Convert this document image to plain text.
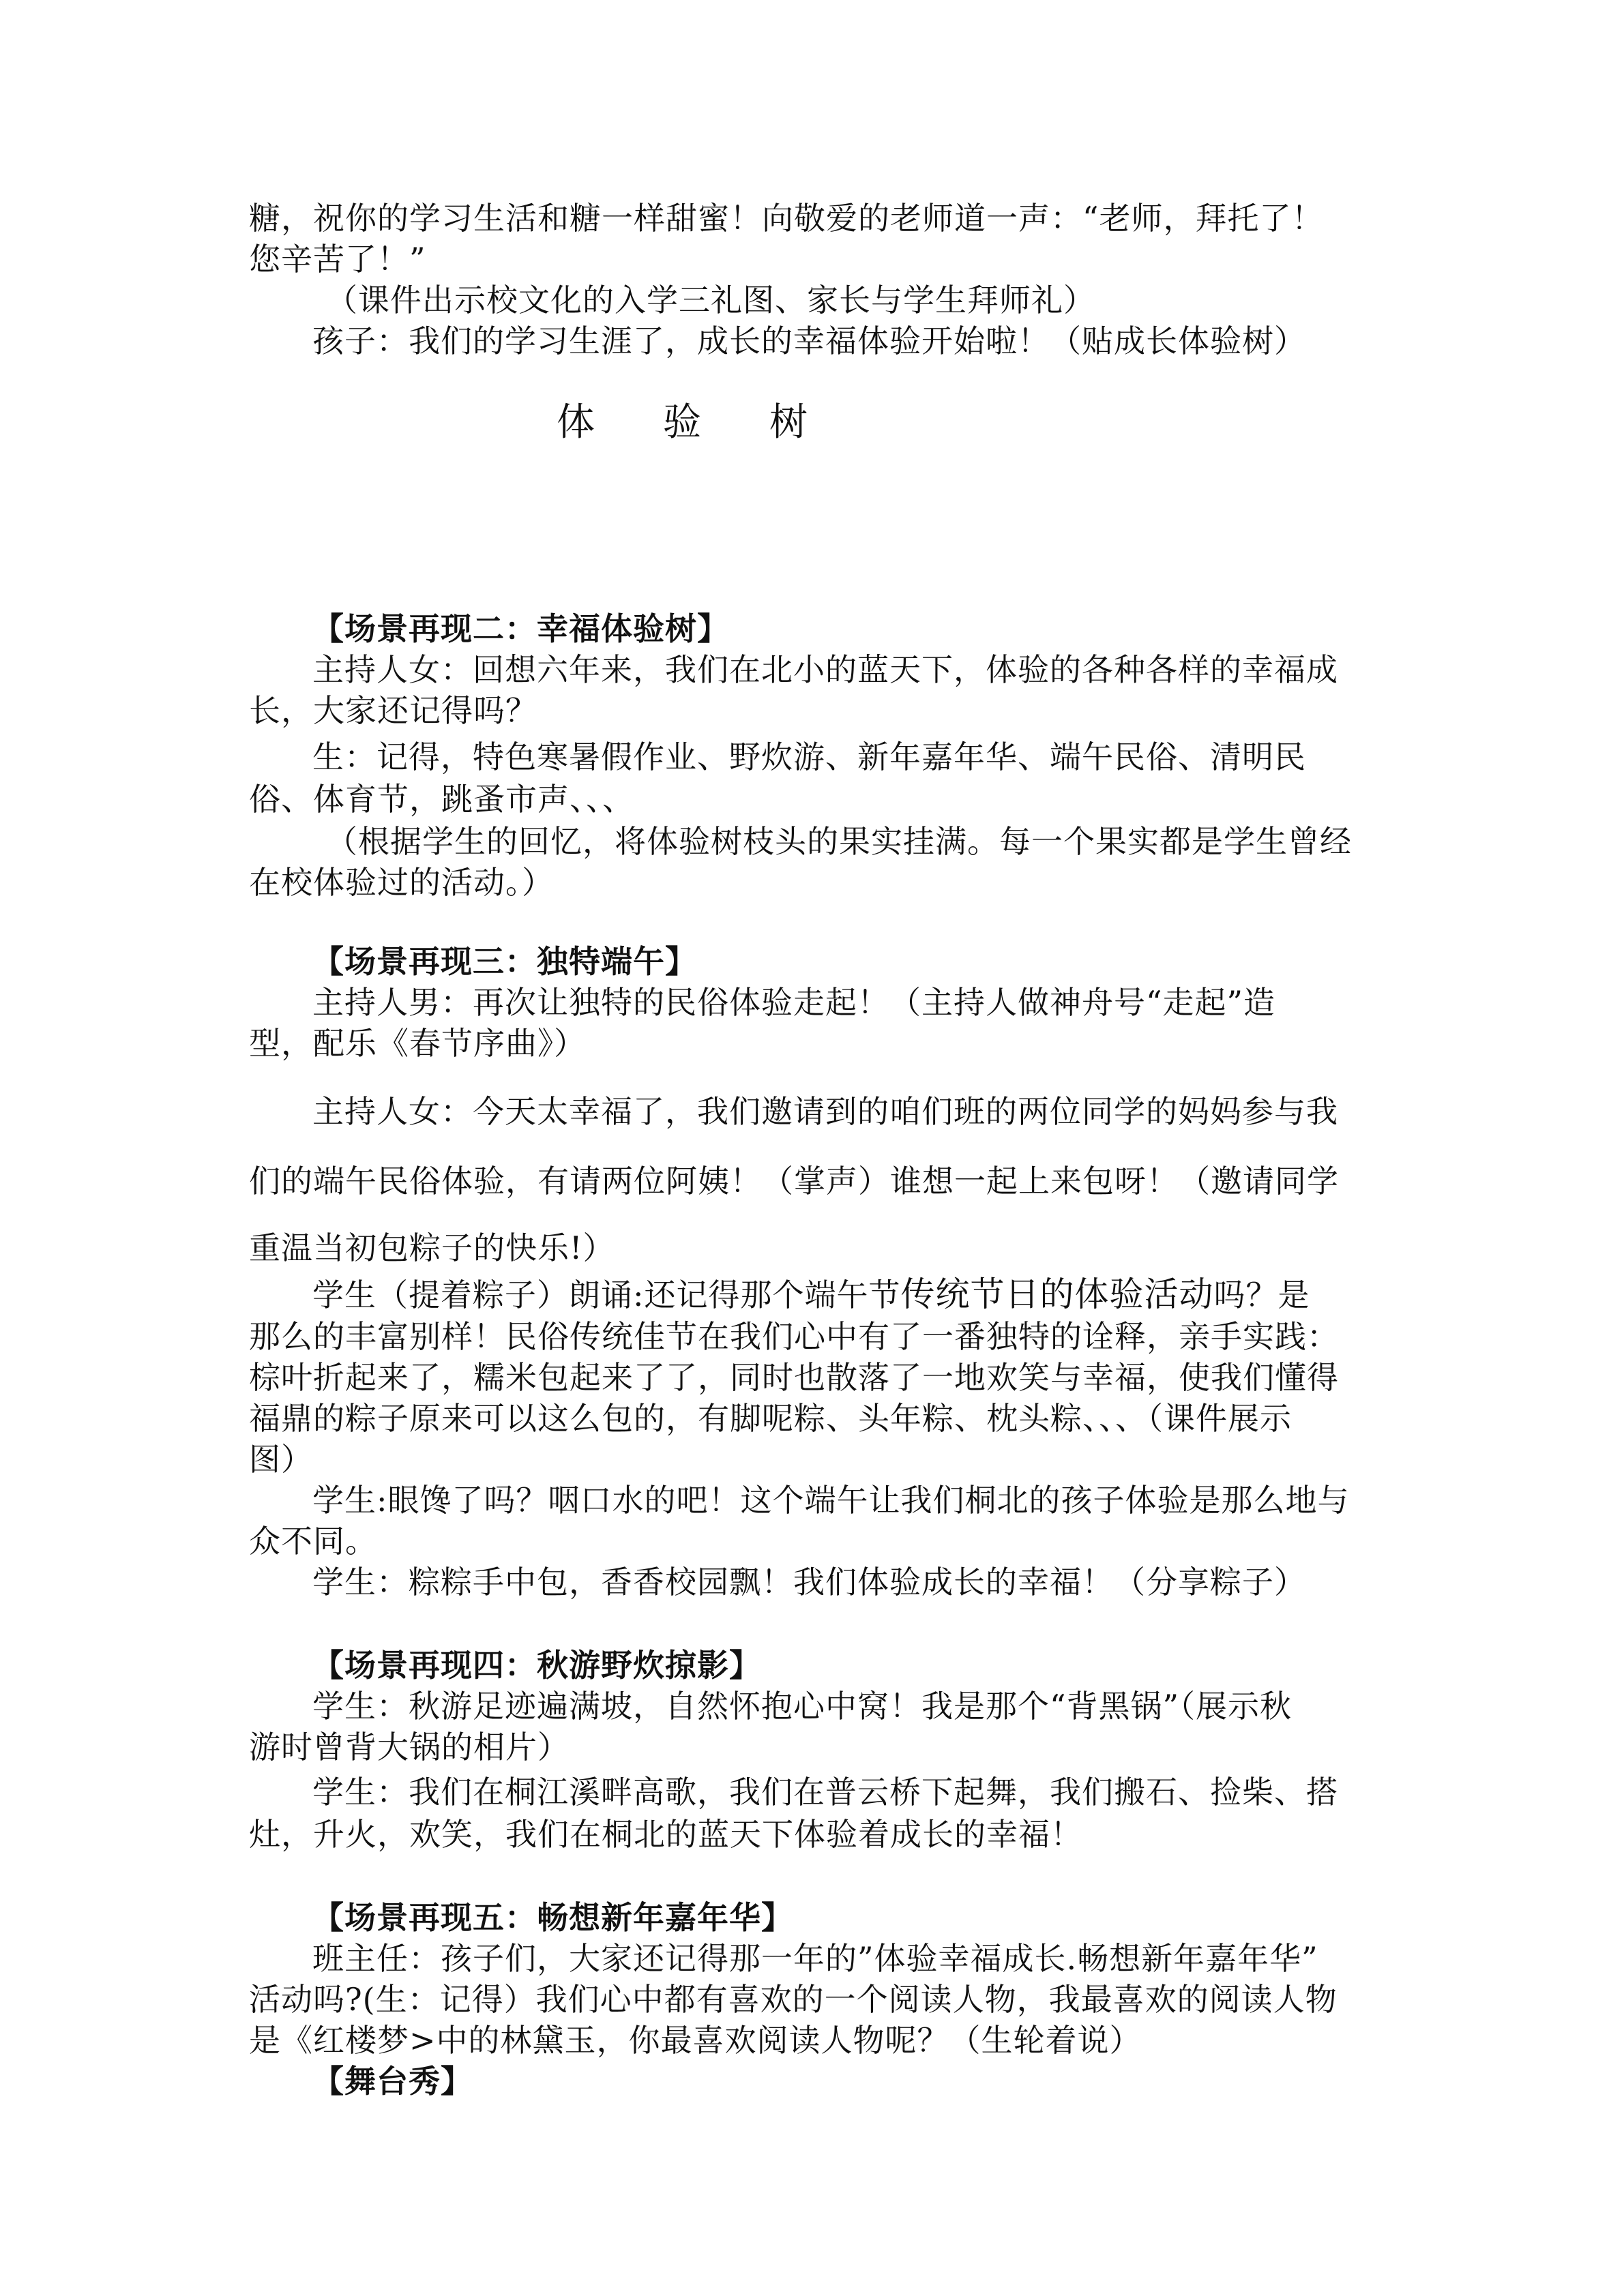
糖，祝你的学习生活和糖一样甜蜜！向敬爱的老师道一声：“老师，拜托了！
您辛苦了！”
（课件出示校文化的入学三礼图、家长与学生拜师礼）
孩子：我们的学习生涯了，成长的幸福体验开始啦！（贴成长体验树）
体 验 树
【场景再现二：幸福体验树】
主持人女：回想六年来，我们在北小的蓝天下，体验的各种各样的幸福成
长，大家还记得吗？
生：记得，特色寒暑假作业、野炊游、新年嘉年华、端午民俗、清明民
俗、体育节，跳蚤市声、、、
（根据学生的回忆，将体验树枝头的果实挂满。每一个果实都是学生曾经
在校体验过的活动。）
【场景再现三：独特端午】
主持人男：再次让独特的民俗体验走起！（主持人做神舟号“走起”造
型，配乐《春节序曲》）
主持人女：今天太幸福了，我们邀请到的咱们班的两位同学的妈妈参与我
们的端午民俗体验，有请两位阿姨！（掌声）谁想一起上来包呀！（邀请同学
重温当初包粽子的快乐!）
学生（提着粽子）朗诵:还记得那个端午节传统节日的体验活动吗？是
那么的丰富别样！民俗传统佳节在我们心中有了一番独特的诠释，亲手实践：
棕叶折起来了，糯米包起来了了，同时也散落了一地欢笑与幸福，使我们懂得
福鼎的粽子原来可以这么包的，有脚呢粽、头年粽、枕头粽、、、（课件展示
图）
学生:眼馋了吗？咽口水的吧！这个端午让我们桐北的孩子体验是那么地与
众不同。
学生：粽粽手中包，香香校园飘！我们体验成长的幸福！（分享粽子）
【场景再现四：秋游野炊掠影】
学生：秋游足迹遍满坡，自然怀抱心中窝！我是那个“背黑锅”（展示秋
游时曾背大锅的相片）
学生：我们在桐江溪畔高歌，我们在普云桥下起舞，我们搬石、捡柴、搭
灶，升火，欢笑，我们在桐北的蓝天下体验着成长的幸福！
【场景再现五：畅想新年嘉年华】
班主任：孩子们，大家还记得那一年的”体验幸福成长.畅想新年嘉年华”
活动吗?(生：记得）我们心中都有喜欢的一个阅读人物，我最喜欢的阅读人物
是《红楼梦>中的林黛玉，你最喜欢阅读人物呢？（生轮着说）
【舞台秀】
